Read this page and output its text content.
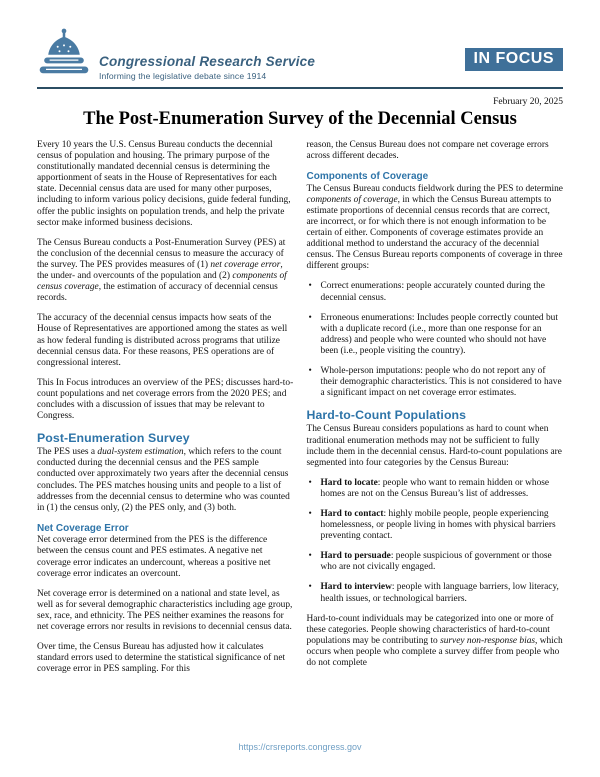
Congressional Research Service
Informing the legislative debate since 1914
IN FOCUS
February 20, 2025
The Post-Enumeration Survey of the Decennial Census

Every 10 years the U.S. Census Bureau conducts the decennial census of population and housing. The primary purpose of the constitutionally mandated decennial census is determining the apportionment of seats in the House of Representatives for each state. Decennial census data are used for many other purposes, including to inform various policy decisions, guide federal funding, offer the public insights on population trends, and help the private sector make informed business decisions.

The Census Bureau conducts a Post-Enumeration Survey (PES) at the conclusion of the decennial census to measure the accuracy of the survey. The PES provides measures of (1) net coverage error, the under- and overcounts of the population and (2) components of census coverage, the estimation of accuracy of decennial census records.

The accuracy of the decennial census impacts how seats of the House of Representatives are apportioned among the states as well as how federal funding is distributed across programs that utilize decennial census data. For these reasons, PES operations are of congressional interest.

This In Focus introduces an overview of the PES; discusses hard-to-count populations and net coverage errors from the 2020 PES; and concludes with a discussion of issues that may be relevant to Congress.

Post-Enumeration Survey

The PES uses a dual-system estimation, which refers to the count conducted during the decennial census and the PES sample conducted over approximately two years after the decennial census concludes. The PES matches housing units and people to a list of addresses from the decennial census to determine who was counted in (1) the census only, (2) the PES only, and (3) both.

Net Coverage Error

Net coverage error determined from the PES is the difference between the census count and PES estimates. A negative net coverage error indicates an undercount, whereas a positive net coverage error indicates an overcount.

Net coverage error is determined on a national and state level, as well as for several demographic characteristics including age group, sex, race, and ethnicity. The PES neither examines the reasons for net coverage errors nor results in revisions to decennial census data.

Over time, the Census Bureau has adjusted how it calculates standard errors used to determine the statistical significance of net coverage error in PES sampling. For this

reason, the Census Bureau does not compare net coverage errors across different decades.

Components of Coverage

The Census Bureau conducts fieldwork during the PES to determine components of coverage, in which the Census Bureau attempts to estimate proportions of decennial census records that are correct, are incorrect, or for which there is not enough information to be certain of either. Components of coverage estimates provide an additional method to understand the accuracy of the decennial census. The Census Bureau reports components of coverage in three different groups:

• Correct enumerations: people accurately counted during the decennial census.
• Erroneous enumerations: Includes people correctly counted but with a duplicate record (i.e., more than one response for an address) and people who were counted who should not have been (i.e., people visiting the country).
• Whole-person imputations: people who do not report any of their demographic characteristics. This is not considered to have a significant impact on net coverage error estimates.
Hard-to-Count Populations

The Census Bureau considers populations as hard to count when traditional enumeration methods may not be sufficient to fully include them in the decennial census. Hard-to-count populations are segmented into four categories by the Census Bureau:

• Hard to locate: people who want to remain hidden or whose homes are not on the Census Bureau’s list of addresses.
• Hard to contact: highly mobile people, people experiencing homelessness, or people living in homes with physical barriers preventing contact.
• Hard to persuade: people suspicious of government or those who are not civically engaged.
• Hard to interview: people with language barriers, low literacy, health issues, or technological barriers.

Hard-to-count individuals may be categorized into one or more of these categories. People showing characteristics of hard-to-count populations may be contributing to survey non-response bias, which occurs when people who complete a survey differ from people who do not complete

https://crsreports.congress.gov
